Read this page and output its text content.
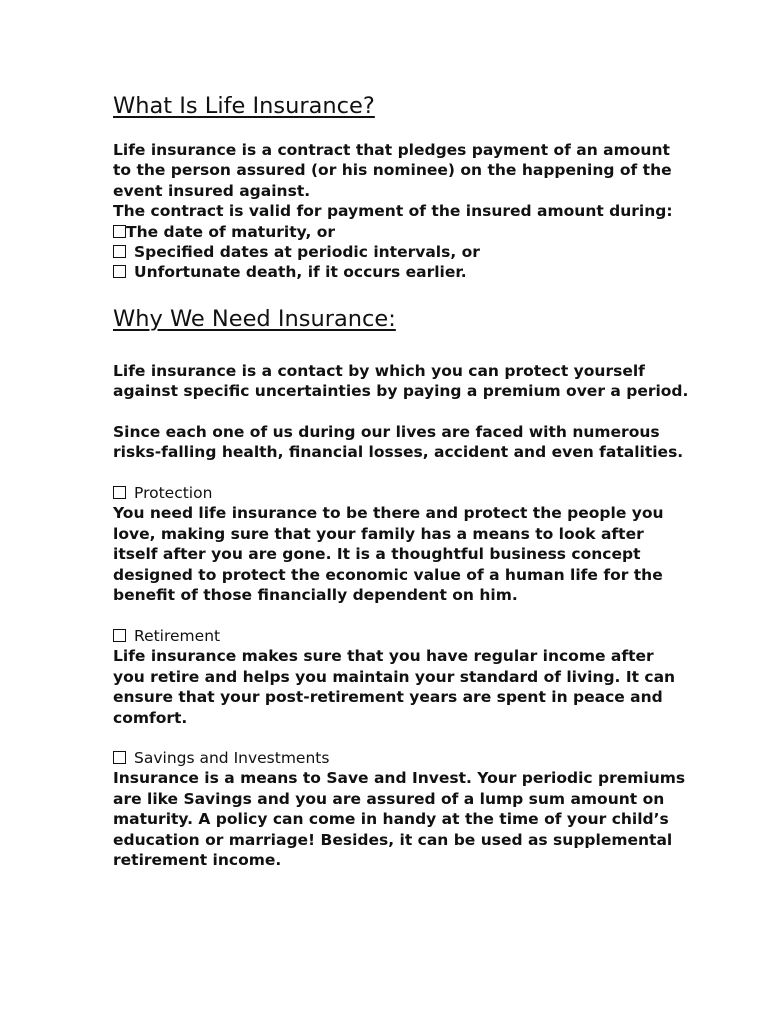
What Is Life Insurance?
Life insurance is a contract that pledges payment of an amount
to the person assured (or his nominee) on the happening of the
event insured against.
The contract is valid for payment of the insured amount during:
The date of maturity, or
Specified dates at periodic intervals, or
Unfortunate death, if it occurs earlier.
Why We Need Insurance:
Life insurance is a contact by which you can protect yourself
against specific uncertainties by paying a premium over a period.
Since each one of us during our lives are faced with numerous
risks-falling health, financial losses, accident and even fatalities.
Protection
You need life insurance to be there and protect the people you
love, making sure that your family has a means to look after
itself after you are gone. It is a thoughtful business concept
designed to protect the economic value of a human life for the
benefit of those financially dependent on him.
Retirement
Life insurance makes sure that you have regular income after
you retire and helps you maintain your standard of living. It can
ensure that your post-retirement years are spent in peace and
comfort.
Savings and Investments
Insurance is a means to Save and Invest. Your periodic premiums
are like Savings and you are assured of a lump sum amount on
maturity. A policy can come in handy at the time of your child’s
education or marriage! Besides, it can be used as supplemental
retirement income.
